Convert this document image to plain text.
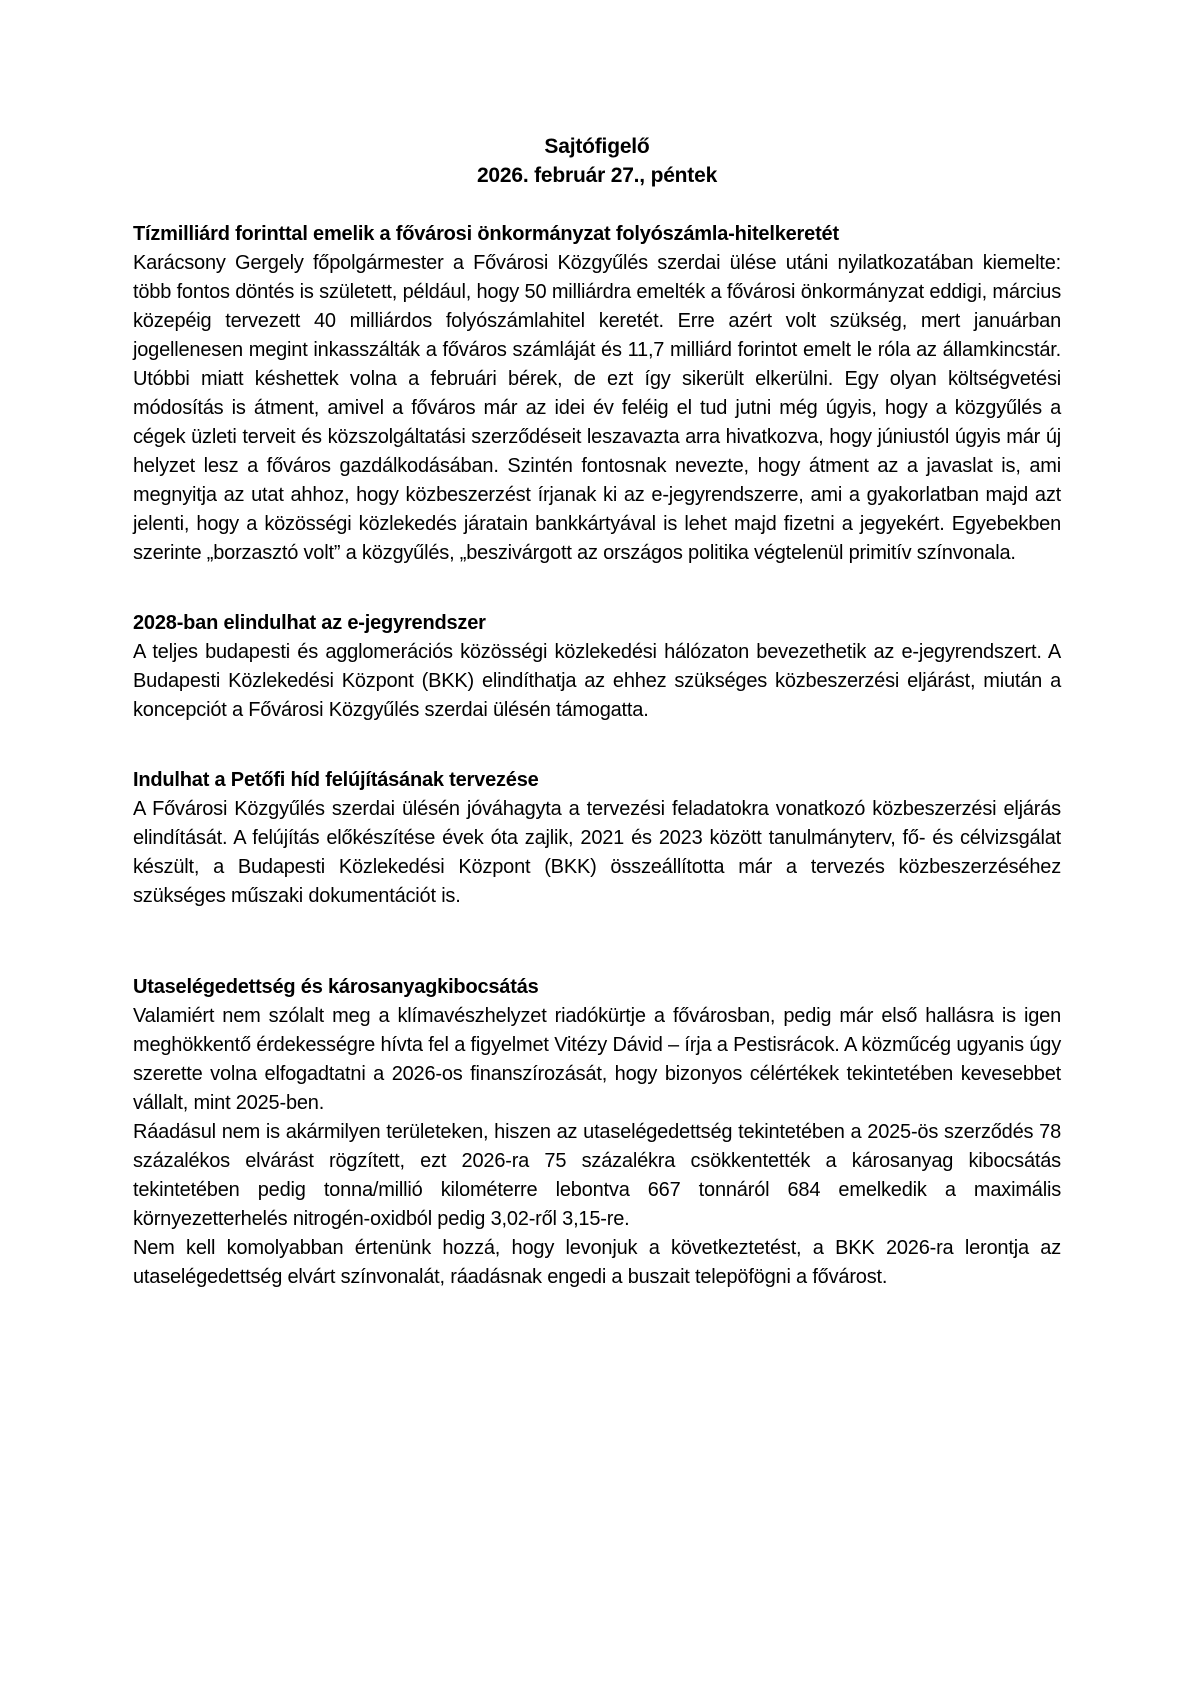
Sajtófigelő
2026. február 27., péntek
Tízmilliárd forinttal emelik a fővárosi önkormányzat folyószámla-hitelkeretét

Karácsony Gergely főpolgármester a Fővárosi Közgyűlés szerdai ülése utáni nyilatkozatában kiemelte: több fontos döntés is született, például, hogy 50 milliárdra emelték a fővárosi önkormányzat eddigi, március közepéig tervezett 40 milliárdos folyószámlahitel keretét. Erre azért volt szükség, mert januárban jogellenesen megint inkasszálták a főváros számláját és 11,7 milliárd forintot emelt le róla az államkincstár. Utóbbi miatt késhettek volna a februári bérek, de ezt így sikerült elkerülni. Egy olyan költségvetési módosítás is átment, amivel a főváros már az idei év feléig el tud jutni még úgyis, hogy a közgyűlés a cégek üzleti terveit és közszolgáltatási szerződéseit leszavazta arra hivatkozva, hogy júniustól úgyis már új helyzet lesz a főváros gazdálkodásában. Szintén fontosnak nevezte, hogy átment az a javaslat is, ami megnyitja az utat ahhoz, hogy közbeszerzést írjanak ki az e-jegyrendszerre, ami a gyakorlatban majd azt jelenti, hogy a közösségi közlekedés járatain bankkártyával is lehet majd fizetni a jegyekért. Egyebekben szerinte „borzasztó volt” a közgyűlés, „beszivárgott az országos politika végtelenül primitív színvonala.

2028-ban elindulhat az e-jegyrendszer

A teljes budapesti és agglomerációs közösségi közlekedési hálózaton bevezethetik az e-jegyrendszert. A Budapesti Közlekedési Központ (BKK) elindíthatja az ehhez szükséges közbeszerzési eljárást, miután a koncepciót a Fővárosi Közgyűlés szerdai ülésén támogatta.

Indulhat a Petőfi híd felújításának tervezése

A Fővárosi Közgyűlés szerdai ülésén jóváhagyta a tervezési feladatokra vonatkozó közbeszerzési eljárás elindítását. A felújítás előkészítése évek óta zajlik, 2021 és 2023 között tanulmányterv, fő- és célvizsgálat készült, a Budapesti Közlekedési Központ (BKK) összeállította már a tervezés közbeszerzéséhez szükséges műszaki dokumentációt is.

Utaselégedettség és károsanyagkibocsátás

Valamiért nem szólalt meg a klímavészhelyzet riadókürtje a fővárosban, pedig már első hallásra is igen meghökkentő érdekességre hívta fel a figyelmet Vitézy Dávid – írja a Pestisrácok. A közműcég ugyanis úgy szerette volna elfogadtatni a 2026-os finanszírozását, hogy bizonyos célértékek tekintetében kevesebbet vállalt, mint 2025-ben.

Ráadásul nem is akármilyen területeken, hiszen az utaselégedettség tekintetében a 2025-ös szerződés 78 százalékos elvárást rögzített, ezt 2026-ra 75 százalékra csökkentették a károsanyag kibocsátás tekintetében pedig tonna/millió kilométerre lebontva 667 tonnáról 684 emelkedik a maximális környezetterhelés nitrogén-oxidból pedig 3,02-ről 3,15-re.

Nem kell komolyabban értenünk hozzá, hogy levonjuk a következtetést, a BKK 2026-ra lerontja az utaselégedettség elvárt színvonalát, ráadásnak engedi a buszait telepöfögni a fővárost.
